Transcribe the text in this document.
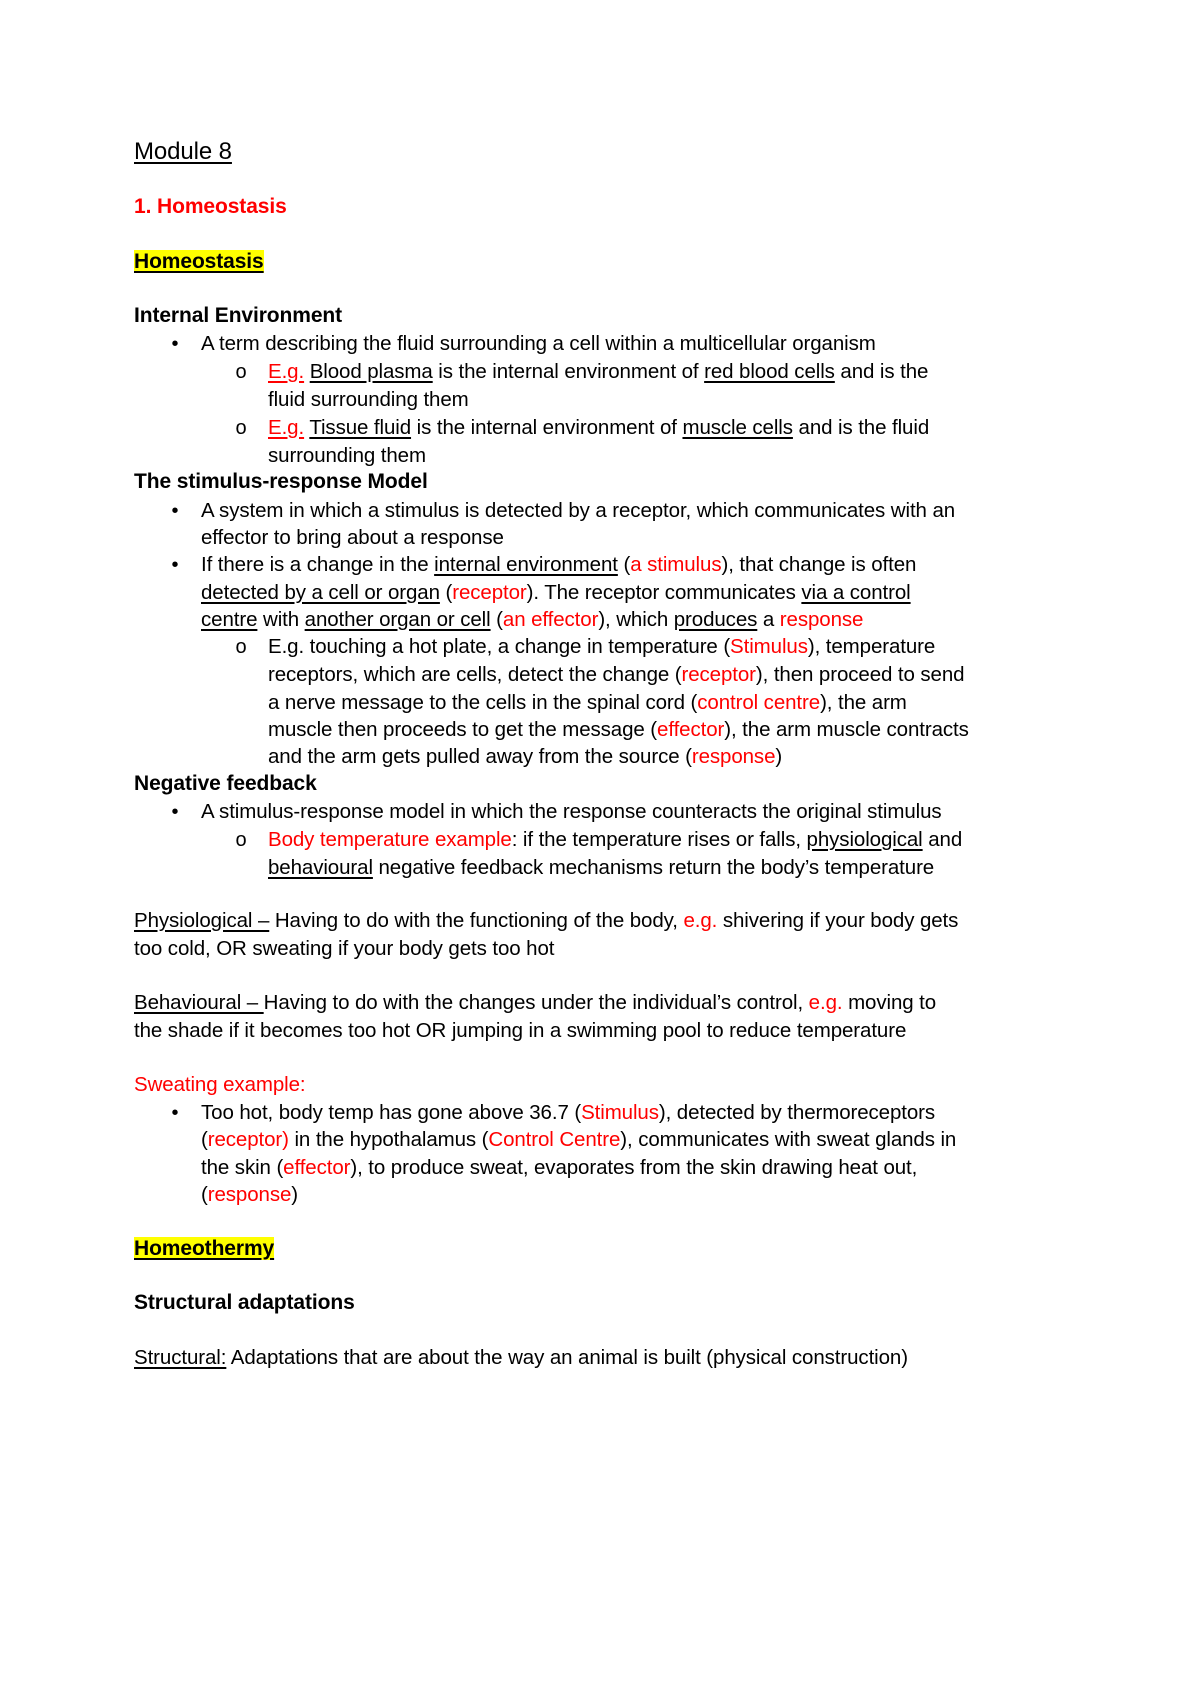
Module 8
1. Homeostasis
Homeostasis
Internal Environment
• A term describing the fluid surrounding a cell within a multicellular organism
o E.g. Blood plasma is the internal environment of red blood cells and is the
fluid surrounding them
o E.g. Tissue fluid is the internal environment of muscle cells and is the fluid
surrounding them
The stimulus-response Model
• A system in which a stimulus is detected by a receptor, which communicates with an
effector to bring about a response
• If there is a change in the internal environment (a stimulus), that change is often
detected by a cell or organ (receptor). The receptor communicates via a control
centre with another organ or cell (an effector), which produces a response
o E.g. touching a hot plate, a change in temperature (Stimulus), temperature
receptors, which are cells, detect the change (receptor), then proceed to send
a nerve message to the cells in the spinal cord (control centre), the arm
muscle then proceeds to get the message (effector), the arm muscle contracts
and the arm gets pulled away from the source (response)
Negative feedback
• A stimulus-response model in which the response counteracts the original stimulus
o Body temperature example: if the temperature rises or falls, physiological and
behavioural negative feedback mechanisms return the body’s temperature
Physiological – Having to do with the functioning of the body, e.g. shivering if your body gets
too cold, OR sweating if your body gets too hot
Behavioural – Having to do with the changes under the individual’s control, e.g. moving to
the shade if it becomes too hot OR jumping in a swimming pool to reduce temperature
Sweating example:
• Too hot, body temp has gone above 36.7 (Stimulus), detected by thermoreceptors
(receptor) in the hypothalamus (Control Centre), communicates with sweat glands in
the skin (effector), to produce sweat, evaporates from the skin drawing heat out,
(response)
Homeothermy
Structural adaptations
Structural: Adaptations that are about the way an animal is built (physical construction)
